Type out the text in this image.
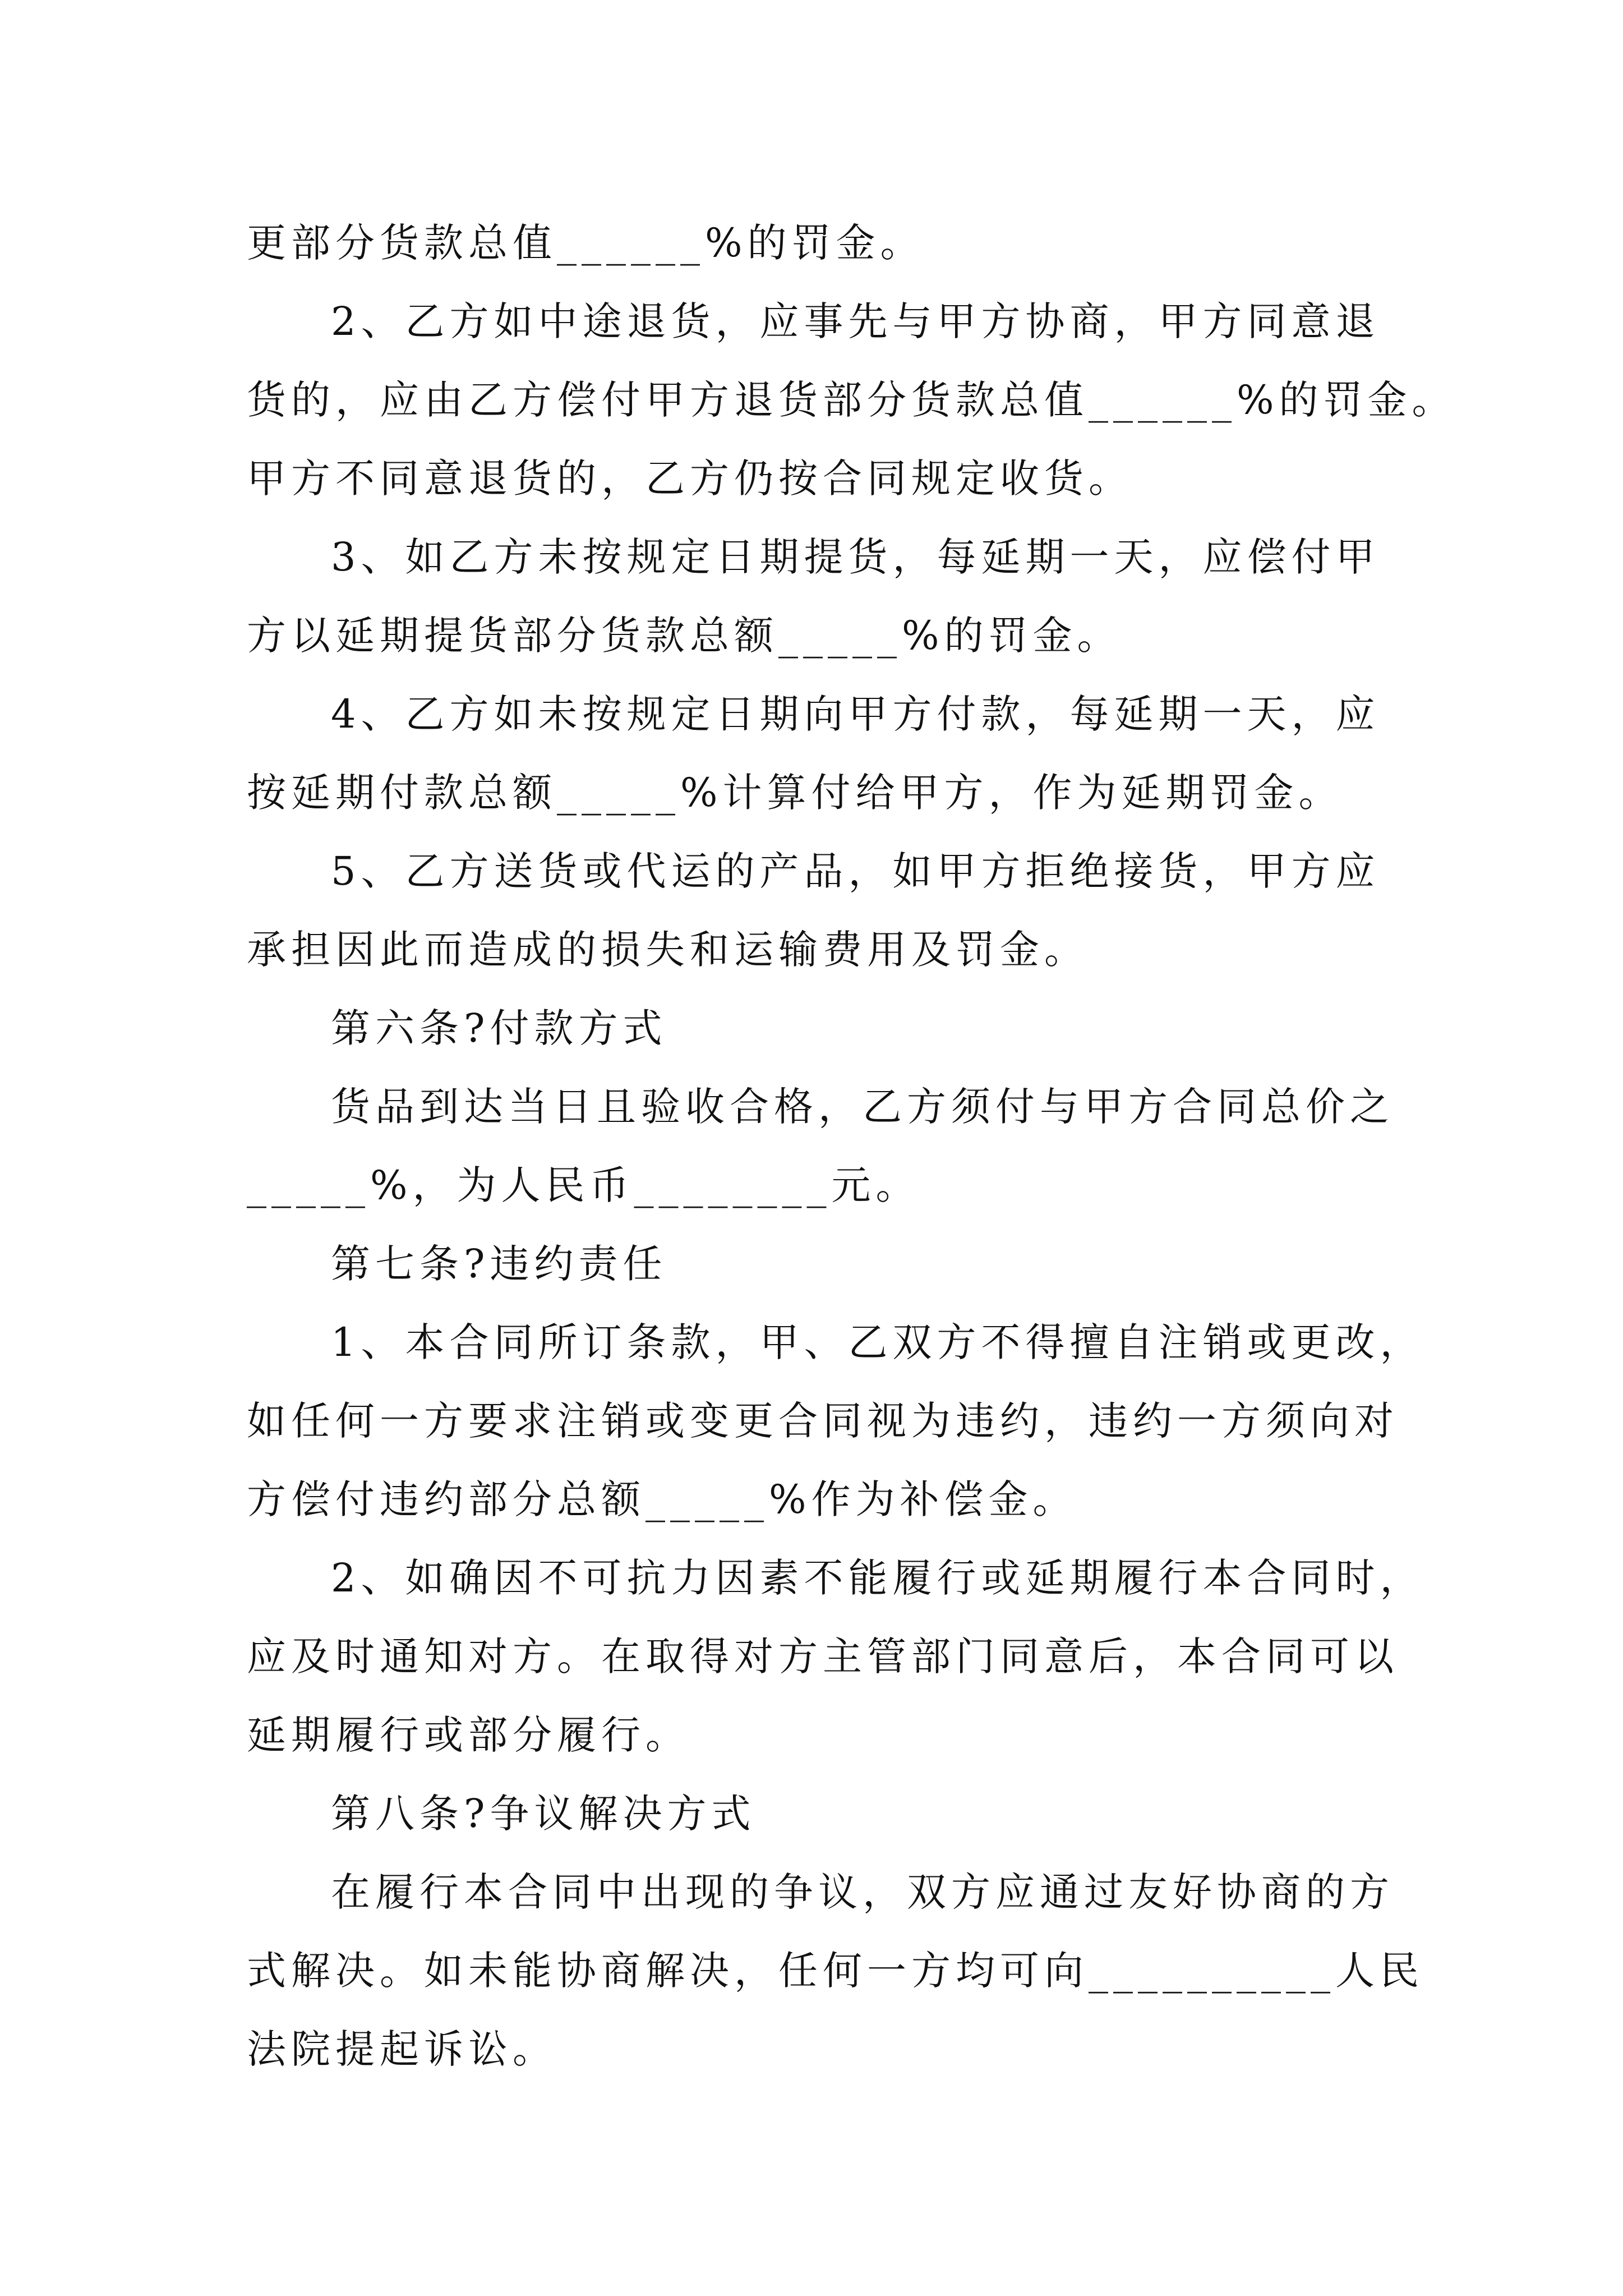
更部分货款总值______%的罚金。
2、乙方如中途退货，应事先与甲方协商，甲方同意退
货的，应由乙方偿付甲方退货部分货款总值______%的罚金。
甲方不同意退货的，乙方仍按合同规定收货。
3、如乙方未按规定日期提货，每延期一天，应偿付甲
方以延期提货部分货款总额_____%的罚金。
4、乙方如未按规定日期向甲方付款，每延期一天，应
按延期付款总额_____%计算付给甲方，作为延期罚金。
5、乙方送货或代运的产品，如甲方拒绝接货，甲方应
承担因此而造成的损失和运输费用及罚金。
第六条?付款方式
货品到达当日且验收合格，乙方须付与甲方合同总价之
_____%，为人民币________元。
第七条?违约责任
1、本合同所订条款，甲、乙双方不得擅自注销或更改，
如任何一方要求注销或变更合同视为违约，违约一方须向对
方偿付违约部分总额_____%作为补偿金。
2、如确因不可抗力因素不能履行或延期履行本合同时，
应及时通知对方。在取得对方主管部门同意后，本合同可以
延期履行或部分履行。
第八条?争议解决方式
在履行本合同中出现的争议，双方应通过友好协商的方
式解决。如未能协商解决，任何一方均可向__________人民
法院提起诉讼。
